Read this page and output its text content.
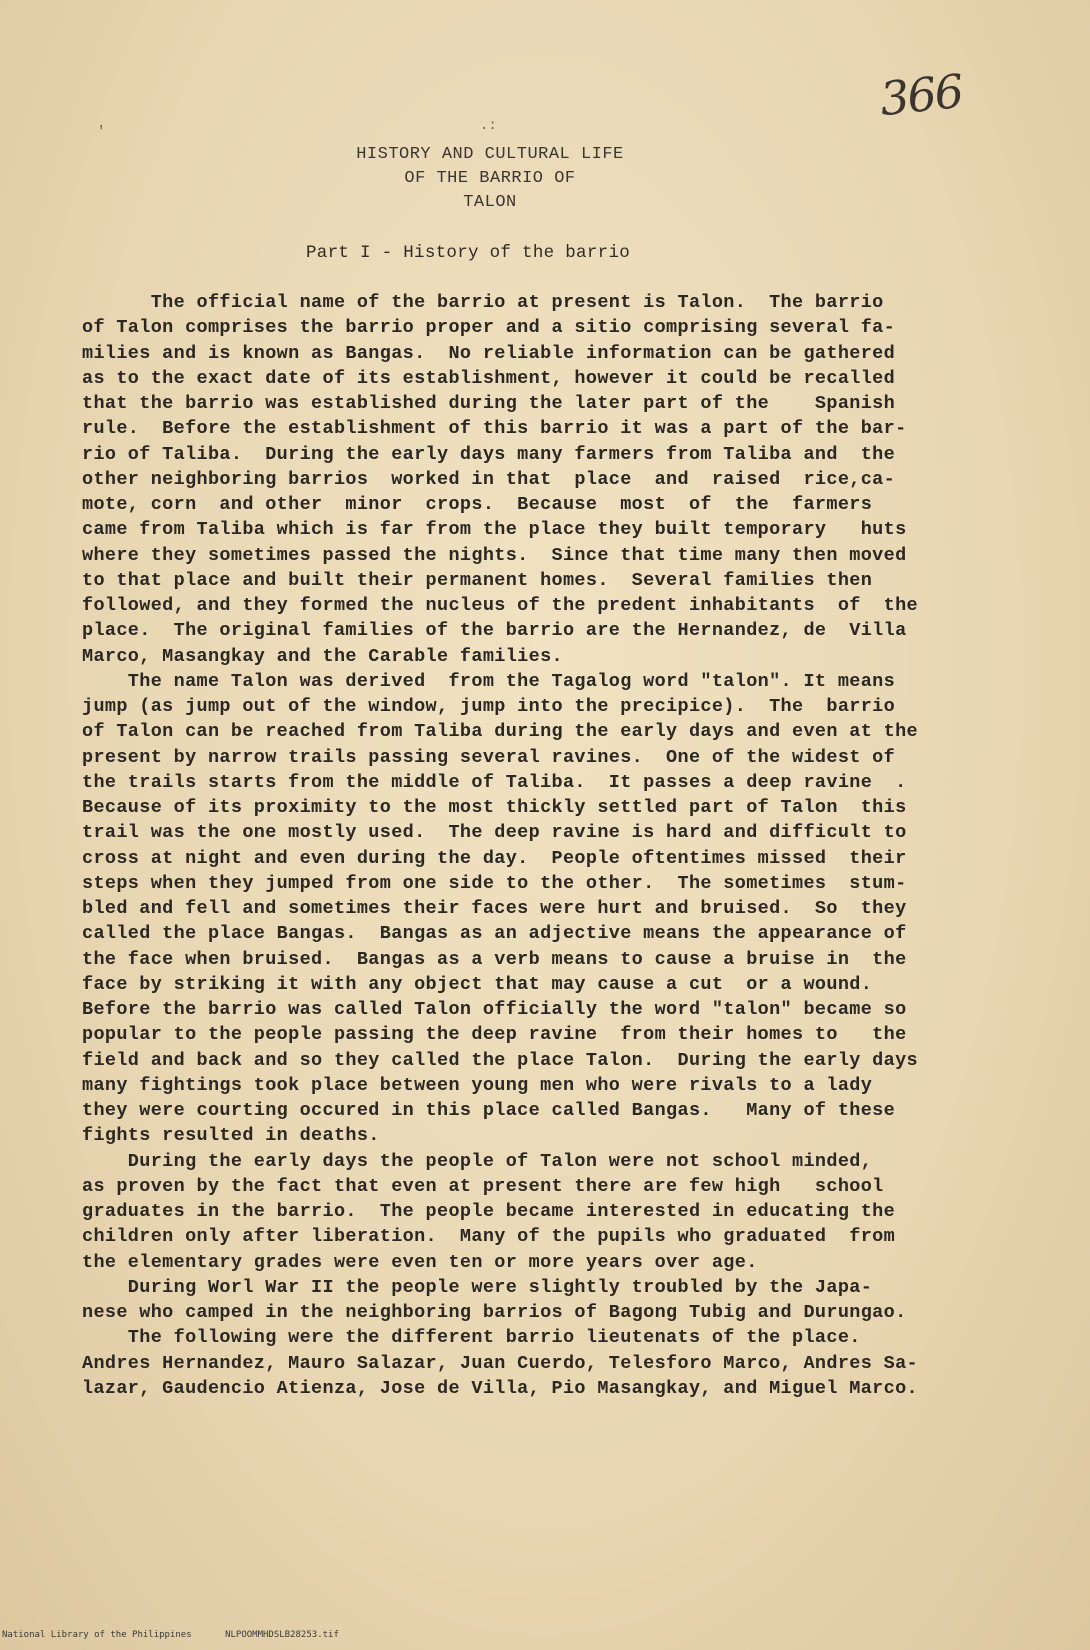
366
.:
'
HISTORY AND CULTURAL LIFE
OF THE BARRIO OF
TALON
Part I - History of the barrio
The official name of the barrio at present is Talon.  The barrio
of Talon comprises the barrio proper and a sitio comprising several fa-
milies and is known as Bangas.  No reliable information can be gathered
as to the exact date of its establishment, however it could be recalled
that the barrio was established during the later part of the    Spanish
rule.  Before the establishment of this barrio it was a part of the bar-
rio of Taliba.  During the early days many farmers from Taliba and  the
other neighboring barrios  worked in that  place  and  raised  rice,ca-
mote, corn  and other  minor  crops.  Because  most  of  the  farmers
came from Taliba which is far from the place they built temporary   huts
where they sometimes passed the nights.  Since that time many then moved
to that place and built their permanent homes.  Several families then
followed, and they formed the nucleus of the predent inhabitants  of  the
place.  The original families of the barrio are the Hernandez, de  Villa
Marco, Masangkay and the Carable families.
The name Talon was derived  from the Tagalog word "talon". It means
jump (as jump out of the window, jump into the precipice).  The  barrio
of Talon can be reached from Taliba during the early days and even at the
present by narrow trails passing several ravines.  One of the widest of
the trails starts from the middle of Taliba.  It passes a deep ravine  .
Because of its proximity to the most thickly settled part of Talon  this
trail was the one mostly used.  The deep ravine is hard and difficult to
cross at night and even during the day.  People oftentimes missed  their
steps when they jumped from one side to the other.  The sometimes  stum-
bled and fell and sometimes their faces were hurt and bruised.  So  they
called the place Bangas.  Bangas as an adjective means the appearance of
the face when bruised.  Bangas as a verb means to cause a bruise in  the
face by striking it with any object that may cause a cut  or a wound.
Before the barrio was called Talon officially the word "talon" became so
popular to the people passing the deep ravine  from their homes to   the
field and back and so they called the place Talon.  During the early days
many fightings took place between young men who were rivals to a lady
they were courting occured in this place called Bangas.   Many of these
fights resulted in deaths.
During the early days the people of Talon were not school minded,
as proven by the fact that even at present there are few high   school
graduates in the barrio.  The people became interested in educating the
children only after liberation.  Many of the pupils who graduated  from
the elementary grades were even ten or more years over age.
During Worl War II the people were slightly troubled by the Japa-
nese who camped in the neighboring barrios of Bagong Tubig and Durungao.
The following were the different barrio lieutenats of the place.
Andres Hernandez, Mauro Salazar, Juan Cuerdo, Telesforo Marco, Andres Sa-
lazar, Gaudencio Atienza, Jose de Villa, Pio Masangkay, and Miguel Marco.
National Library of the Philippines	NLPOOMMHDSLB28253.tif
